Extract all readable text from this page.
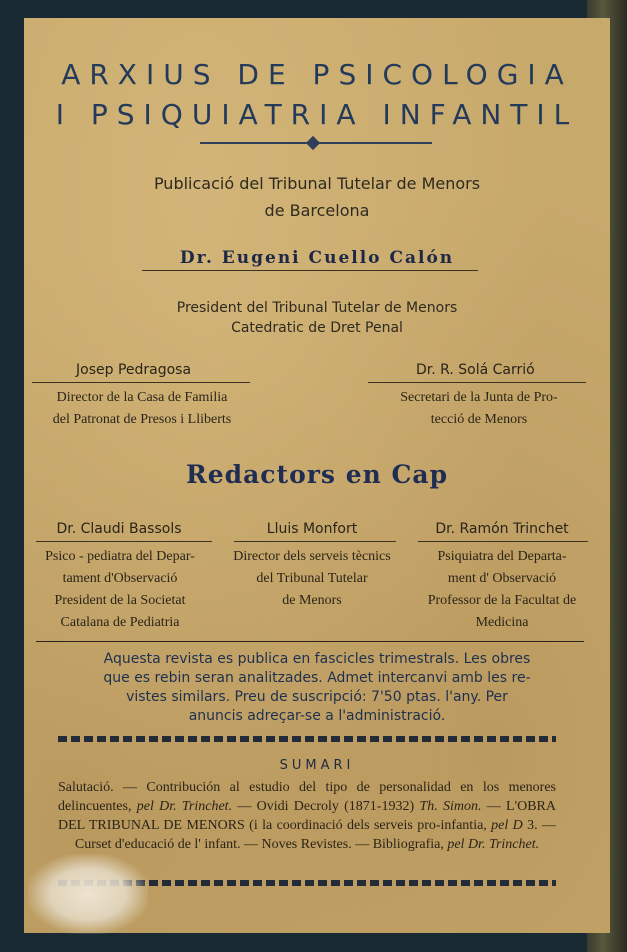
ARXIUS DE PSICOLOGIA
I PSIQUIATRIA INFANTIL
Publicació del Tribunal Tutelar de Menors
de Barcelona
Dr. Eugeni Cuello Calón
President del Tribunal Tutelar de Menors
Catedratic de Dret Penal
Josep Pedragosa
Director de la Casa de Familia
del Patronat de Presos i Lliberts
Dr. R. Solá Carrió
Secretari de la Junta de Pro-
tecció de Menors
Redactors en Cap
Dr. Claudi Bassols
Psico - pediatra del Depar-
tament d'Observació
President de la Societat
Catalana de Pediatria
Lluis Monfort
Director dels serveis tècnics
del Tribunal Tutelar
de Menors
Dr. Ramón Trinchet
Psiquiatra del Departa-
ment d' Observació
Professor de la Facultat de
Medicina
Aquesta revista es publica en fascicles trimestrals. Les obres
que es rebin seran analitzades. Admet intercanvi amb les re-
vistes similars. Preu de suscripció: 7'50 ptas. l'any. Per
anuncis adreçar-se a l'administració.
SUMARI
Salutació. — Contribución al estudio del tipo de personalidad en los menores delincuentes, pel Dr. Trinchet. — Ovidi Decroly (1871-1932) Th. Simon. — L'OBRA DEL TRIBUNAL DE MENORS (i la coordinació dels serveis pro-infantia, pel D 3. — Curset d'educació de l' infant. — Noves Revistes. — Bibliografia, pel Dr. Trinchet.
